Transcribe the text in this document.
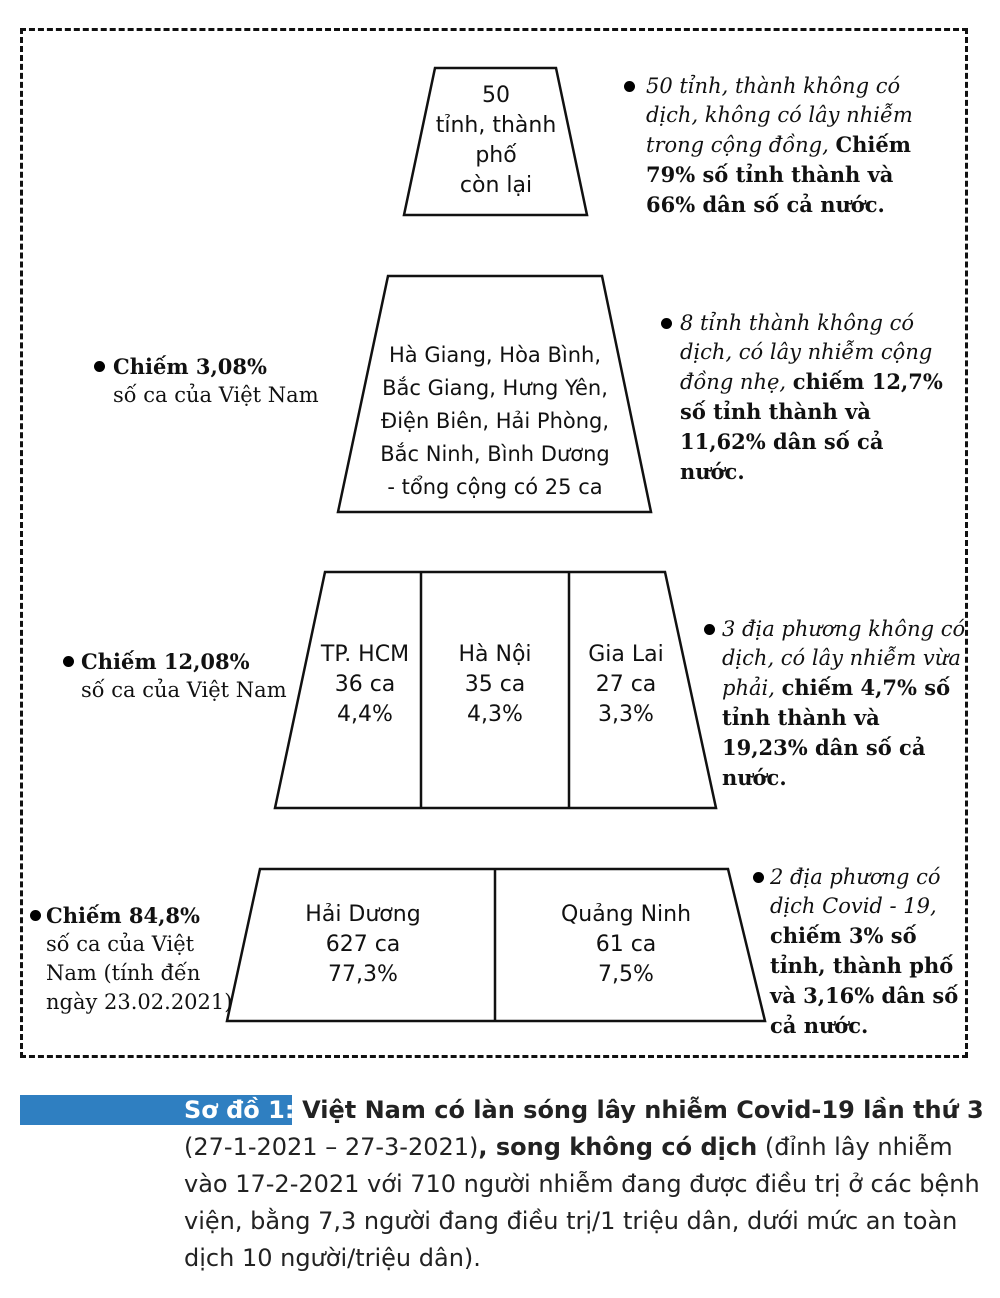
50
tỉnh, thành
phố
còn lại
Hà Giang, Hòa Bình,
Bắc Giang, Hưng Yên,
Điện Biên, Hải Phòng,
Bắc Ninh, Bình Dương
- tổng cộng có 25 ca
TP. HCM
36 ca
4,4%
Hà Nội
35 ca
4,3%
Gia Lai
27 ca
3,3%
Hải Dương
627 ca
77,3%
Quảng Ninh
61 ca
7,5%
50 tỉnh, thành không có dịch, không có lây nhiễm trong cộng đồng, Chiếm 79% số tỉnh thành và 66% dân số cả nước.
8 tỉnh thành không có dịch, có lây nhiễm cộng đồng nhẹ, chiếm 12,7% số tỉnh thành và 11,62% dân số cả nước.
3 địa phương không có dịch, có lây nhiễm vừa phải, chiếm 4,7% số tỉnh thành và 19,23% dân số cả nước.
2 địa phương có dịch Covid - 19, chiếm 3% số tỉnh, thành phố và 3,16% dân số cả nước.
Chiếm 3,08%
số ca của Việt Nam
Chiếm 12,08%
số ca của Việt Nam
Chiếm 84,8%
số ca của Việt Nam (tính đến ngày 23.02.2021)
Sơ đồ 1: Việt Nam có làn sóng lây nhiễm Covid-19 lần thứ 3 (27-1-2021 – 27-3-2021), song không có dịch (đỉnh lây nhiễm vào 17-2-2021 với 710 người nhiễm đang được điều trị ở các bệnh viện, bằng 7,3 người đang điều trị/1 triệu dân, dưới mức an toàn dịch 10 người/triệu dân).
